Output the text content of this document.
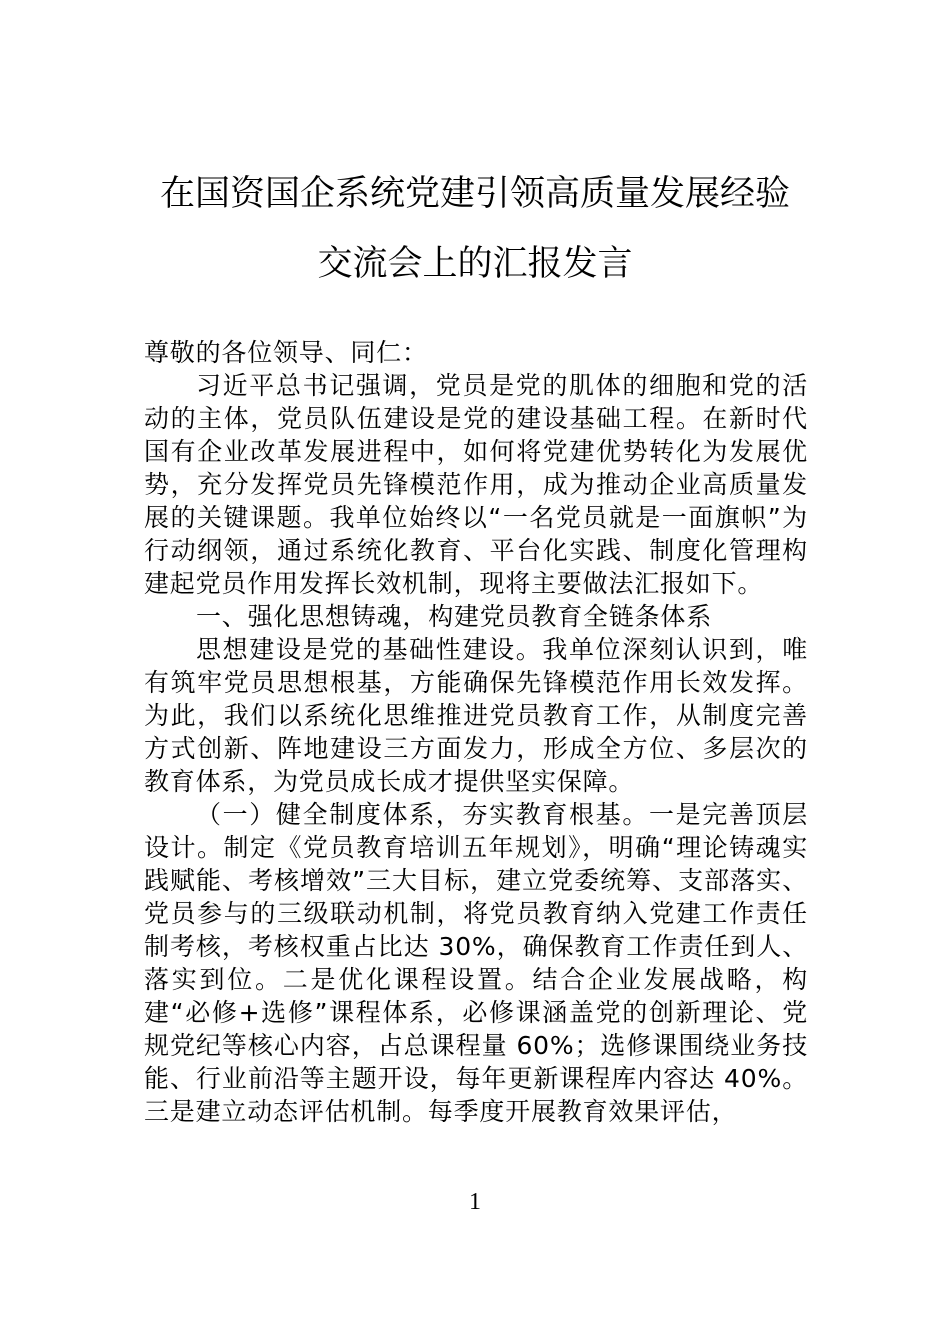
在国资国企系统党建引领高质量发展经验
交流会上的汇报发言

尊敬的各位领导、同仁：

习近平总书记强调，党员是党的肌体的细胞和党的活动的主体，党员队伍建设是党的建设基础工程。在新时代国有企业改革发展进程中，如何将党建优势转化为发展优势，充分发挥党员先锋模范作用，成为推动企业高质量发展的关键课题。我单位始终以“一名党员就是一面旗帜”为行动纲领，通过系统化教育、平台化实践、制度化管理构建起党员作用发挥长效机制，现将主要做法汇报如下。

一、强化思想铸魂，构建党员教育全链条体系

思想建设是党的基础性建设。我单位深刻认识到，唯有筑牢党员思想根基，方能确保先锋模范作用长效发挥。为此，我们以系统化思维推进党员教育工作，从制度完善方式创新、阵地建设三方面发力，形成全方位、多层次的教育体系，为党员成长成才提供坚实保障。

（一）健全制度体系，夯实教育根基。一是完善顶层设计。制定《党员教育培训五年规划》，明确“理论铸魂实践赋能、考核增效”三大目标，建立党委统筹、支部落实、党员参与的三级联动机制，将党员教育纳入党建工作责任制考核，考核权重占比达 30%，确保教育工作责任到人、落实到位。二是优化课程设置。结合企业发展战略，构建“必修+选修”课程体系，必修课涵盖党的创新理论、党规党纪等核心内容，占总课程量 60%；选修课围绕业务技能、行业前沿等主题开设，每年更新课程库内容达 40%。三是建立动态评估机制。每季度开展教育效果评估，

1
